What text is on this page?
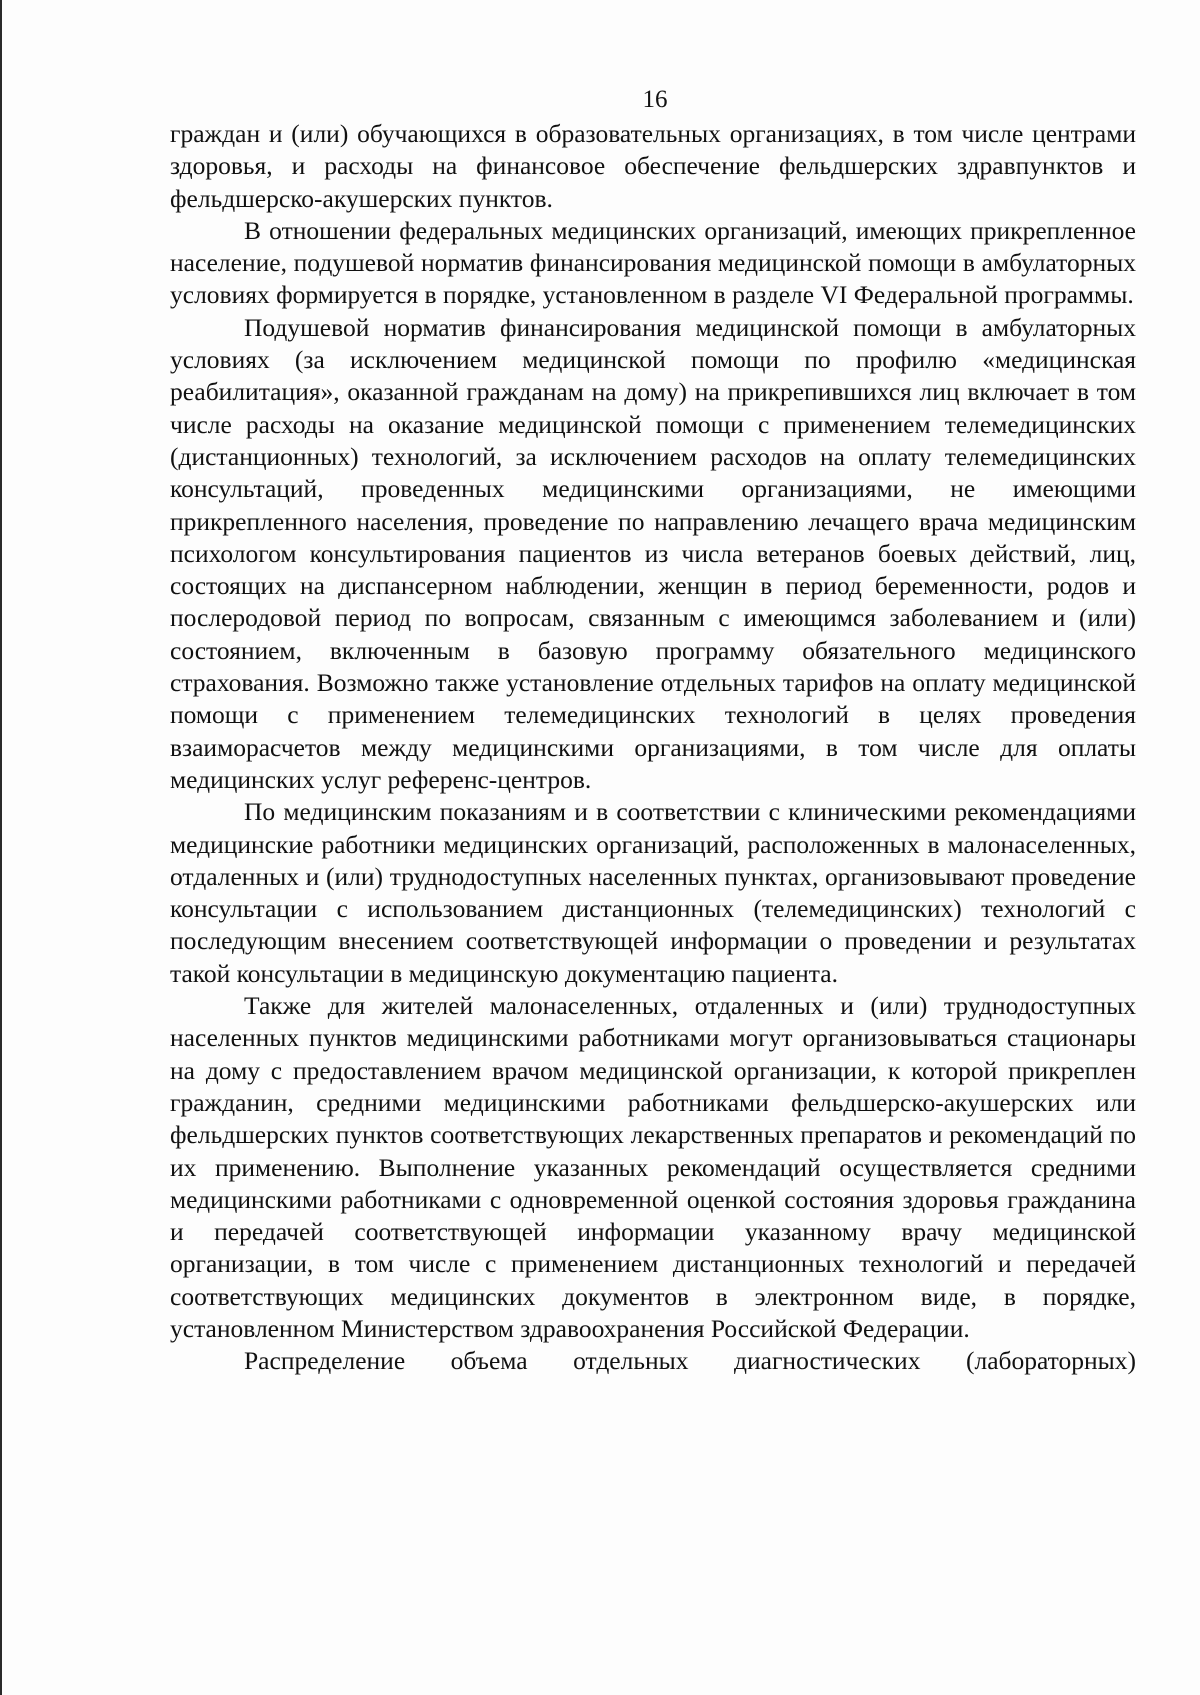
16

граждан и (или) обучающихся в образовательных организациях, в том числе центрами здоровья, и расходы на финансовое обеспечение фельдшерских здравпунктов и фельдшерско-акушерских пунктов.

В отношении федеральных медицинских организаций, имеющих прикрепленное население, подушевой норматив финансирования медицинской помощи в амбулаторных условиях формируется в порядке, установленном в разделе VI Федеральной программы.

Подушевой норматив финансирования медицинской помощи в амбулаторных условиях (за исключением медицинской помощи по профилю «медицинская реабилитация», оказанной гражданам на дому) на прикрепившихся лиц включает в том числе расходы на оказание медицинской помощи с применением телемедицинских (дистанционных) технологий, за исключением расходов на оплату телемедицинских консультаций, проведенных медицинскими организациями, не имеющими прикрепленного населения, проведение по направлению лечащего врача медицинским психологом консультирования пациентов из числа ветеранов боевых действий, лиц, состоящих на диспансерном наблюдении, женщин в период беременности, родов и послеродовой период по вопросам, связанным с имеющимся заболеванием и (или) состоянием, включенным в базовую программу обязательного медицинского страхования. Возможно также установление отдельных тарифов на оплату медицинской помощи с применением телемедицинских технологий в целях проведения взаиморасчетов между медицинскими организациями, в том числе для оплаты медицинских услуг референс-центров.

По медицинским показаниям и в соответствии с клиническими рекомендациями медицинские работники медицинских организаций, расположенных в малонаселенных, отдаленных и (или) труднодоступных населенных пунктах, организовывают проведение консультации с использованием дистанционных (телемедицинских) технологий с последующим внесением соответствующей информации о проведении и результатах такой консультации в медицинскую документацию пациента.

Также для жителей малонаселенных, отдаленных и (или) труднодоступных населенных пунктов медицинскими работниками могут организовываться стационары на дому с предоставлением врачом медицинской организации, к которой прикреплен гражданин, средними медицинскими работниками фельдшерско-акушерских или фельдшерских пунктов соответствующих лекарственных препаратов и рекомендаций по их применению. Выполнение указанных рекомендаций осуществляется средними медицинскими работниками с одновременной оценкой состояния здоровья гражданина и передачей соответствующей информации указанному врачу медицинской организации, в том числе с применением дистанционных технологий и передачей соответствующих медицинских документов в электронном виде, в порядке, установленном Министерством здравоохранения Российской Федерации.

Распределение объема отдельных диагностических (лабораторных)
